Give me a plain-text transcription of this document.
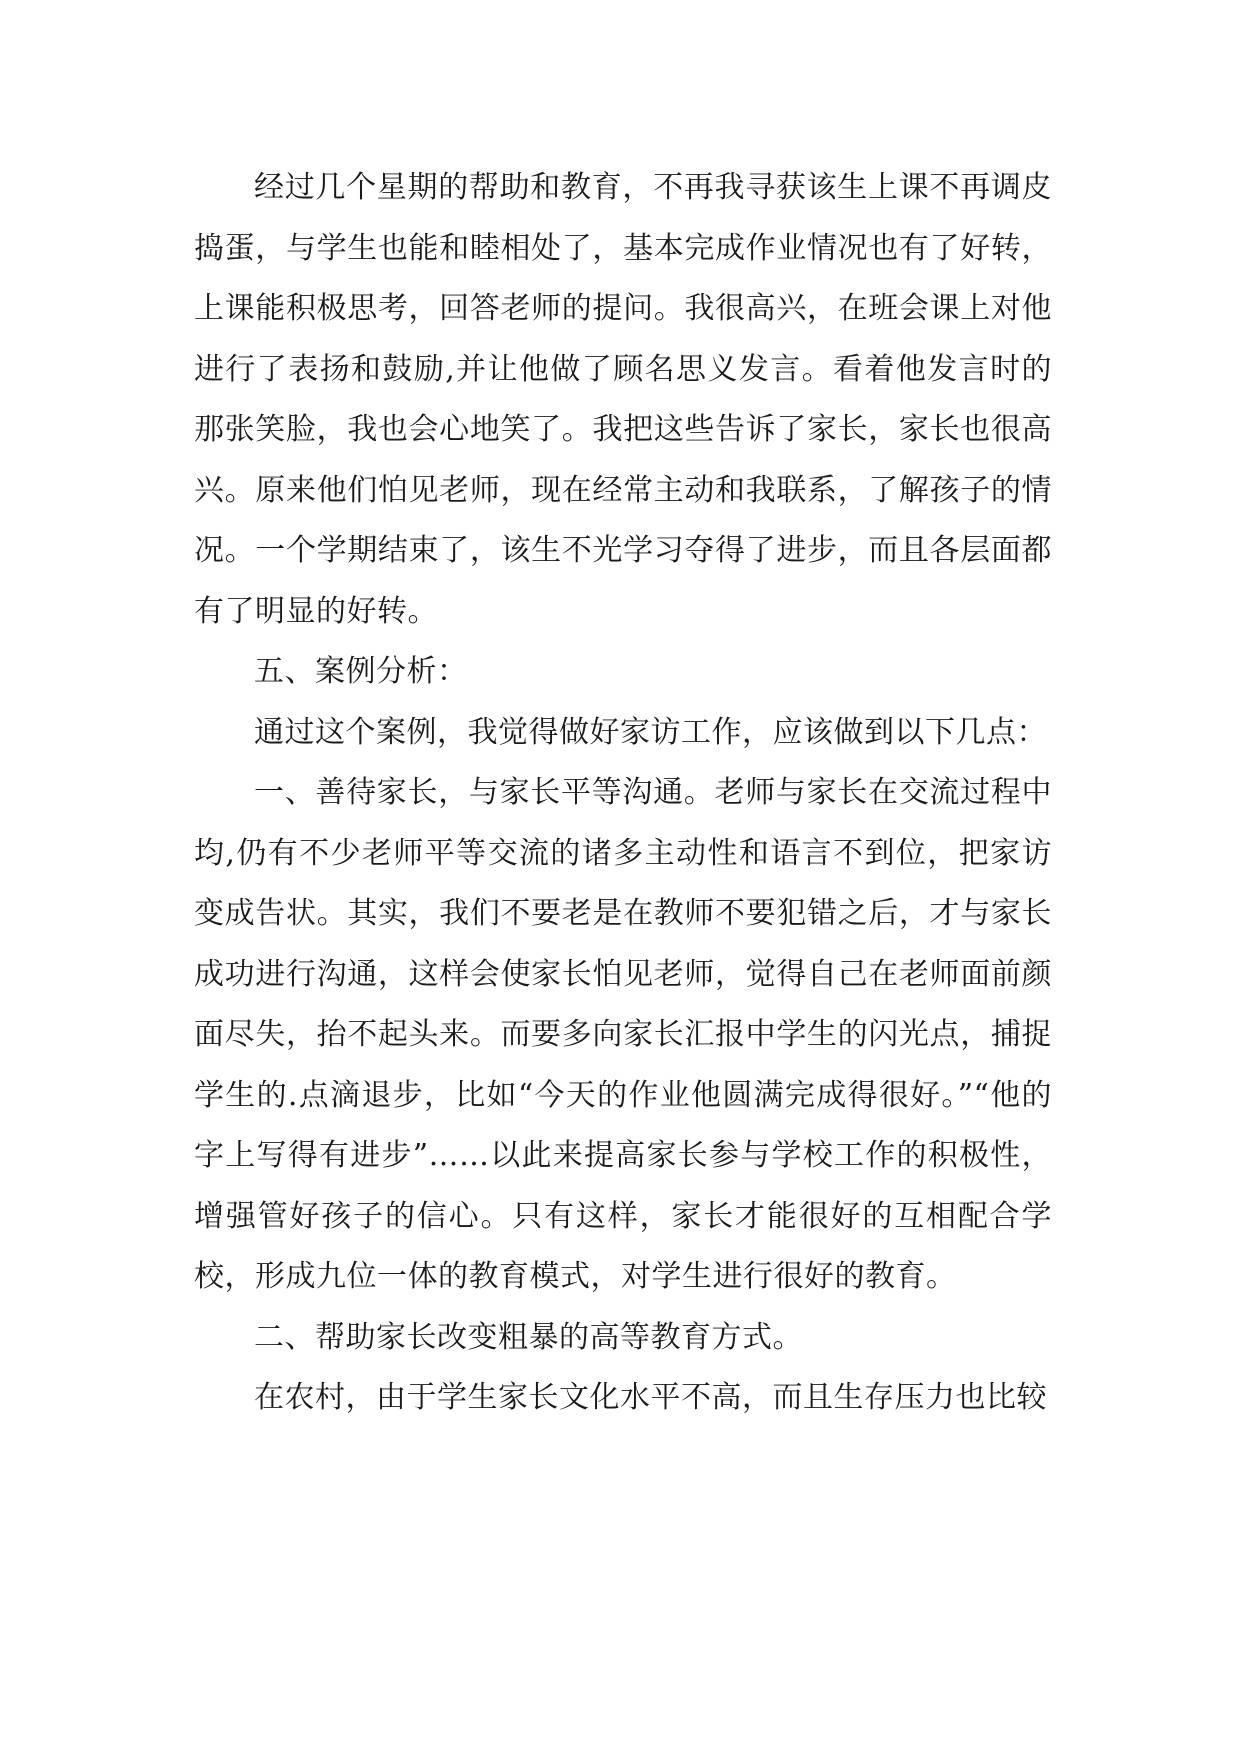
经过几个星期的帮助和教育，不再我寻获该生上课不再调皮捣蛋，与学生也能和睦相处了，基本完成作业情况也有了好转，上课能积极思考，回答老师的提问。我很高兴，在班会课上对他进行了表扬和鼓励,并让他做了顾名思义发言。看着他发言时的那张笑脸，我也会心地笑了。我把这些告诉了家长，家长也很高兴。原来他们怕见老师，现在经常主动和我联系，了解孩子的情况。一个学期结束了，该生不光学习夺得了进步，而且各层面都有了明显的好转。

五、案例分析：

通过这个案例，我觉得做好家访工作，应该做到以下几点：

一、善待家长，与家长平等沟通。老师与家长在交流过程中均,仍有不少老师平等交流的诸多主动性和语言不到位，把家访变成告状。其实，我们不要老是在教师不要犯错之后，才与家长成功进行沟通，这样会使家长怕见老师，觉得自己在老师面前颜面尽失，抬不起头来。而要多向家长汇报中学生的闪光点，捕捉学生的.点滴退步，比如“今天的作业他圆满完成得很好。”“他的字上写得有进步”……以此来提高家长参与学校工作的积极性，增强管好孩子的信心。只有这样，家长才能很好的互相配合学校，形成九位一体的教育模式，对学生进行很好的教育。

二、帮助家长改变粗暴的高等教育方式。

在农村，由于学生家长文化水平不高，而且生存压力也比较
